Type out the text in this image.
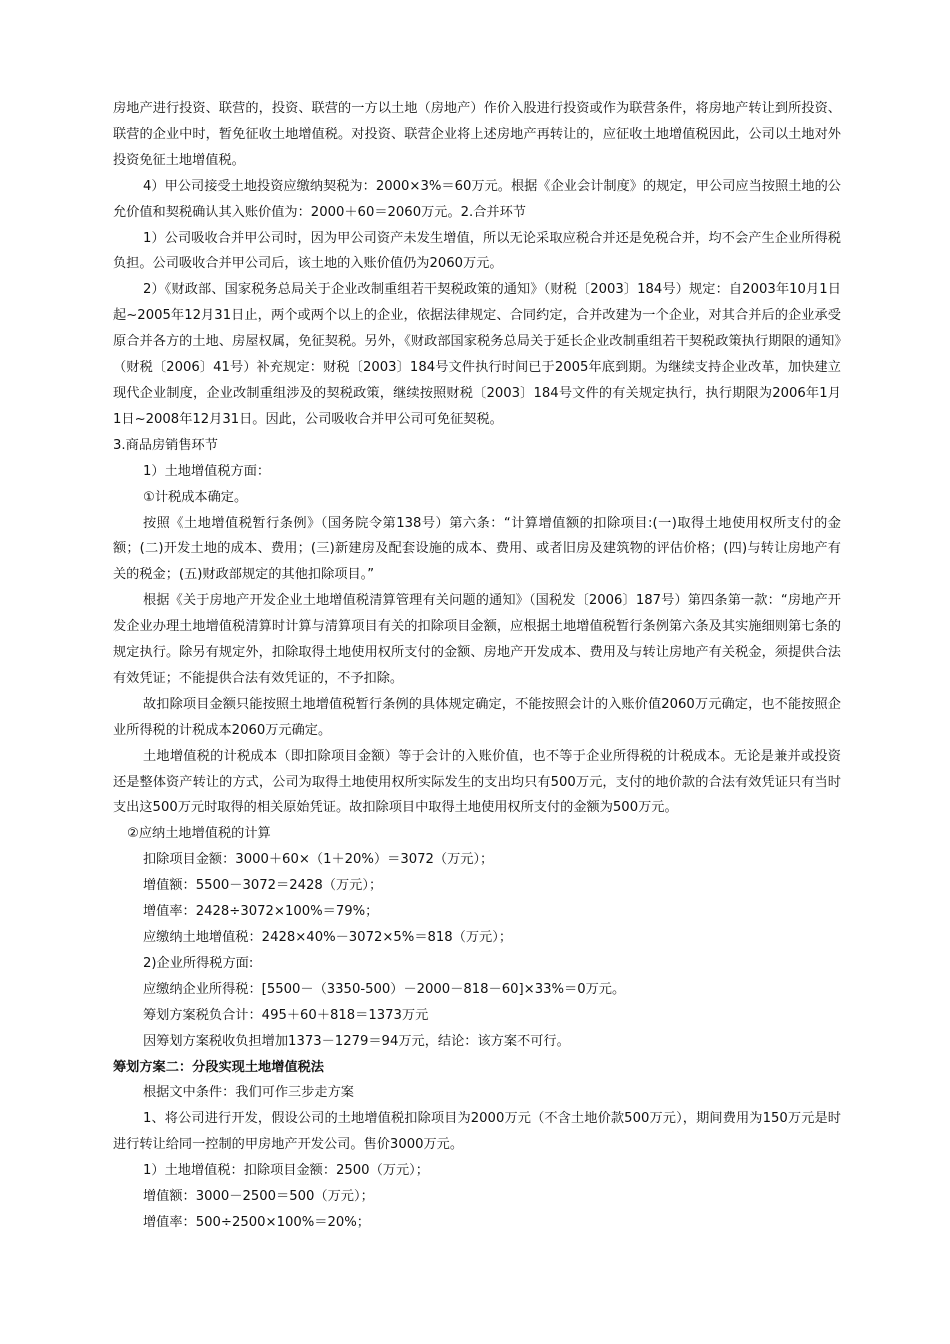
房地产进行投资、联营的，投资、联营的一方以土地（房地产）作价入股进行投资或作为联营条件，将房地产转让到所投资、联营的企业中时，暂免征收土地增值税。对投资、联营企业将上述房地产再转让的，应征收土地增值税因此，公司以土地对外投资免征土地增值税。

4）甲公司接受土地投资应缴纳契税为：2000×3%＝60万元。根据《企业会计制度》的规定，甲公司应当按照土地的公允价值和契税确认其入账价值为：2000＋60＝2060万元。2.合并环节

1）公司吸收合并甲公司时，因为甲公司资产未发生增值，所以无论采取应税合并还是免税合并，均不会产生企业所得税负担。公司吸收合并甲公司后，该土地的入账价值仍为2060万元。

2）《财政部、国家税务总局关于企业改制重组若干契税政策的通知》（财税〔2003〕184号）规定：自2003年10月1日起~2005年12月31日止，两个或两个以上的企业，依据法律规定、合同约定，合并改建为一个企业，对其合并后的企业承受原合并各方的土地、房屋权属，免征契税。另外，《财政部国家税务总局关于延长企业改制重组若干契税政策执行期限的通知》（财税〔2006〕41号）补充规定：财税〔2003〕184号文件执行时间已于2005年底到期。为继续支持企业改革，加快建立现代企业制度，企业改制重组涉及的契税政策，继续按照财税〔2003〕184号文件的有关规定执行，执行期限为2006年1月1日~2008年12月31日。因此，公司吸收合并甲公司可免征契税。

3.商品房销售环节

1）土地增值税方面：

①计税成本确定。

按照《土地增值税暂行条例》（国务院令第138号）第六条：“计算增值额的扣除项目:(一)取得土地使用权所支付的金额；(二)开发土地的成本、费用；(三)新建房及配套设施的成本、费用、或者旧房及建筑物的评估价格；(四)与转让房地产有关的税金；(五)财政部规定的其他扣除项目。”

根据《关于房地产开发企业土地增值税清算管理有关问题的通知》（国税发〔2006〕187号）第四条第一款：“房地产开发企业办理土地增值税清算时计算与清算项目有关的扣除项目金额，应根据土地增值税暂行条例第六条及其实施细则第七条的规定执行。除另有规定外，扣除取得土地使用权所支付的金额、房地产开发成本、费用及与转让房地产有关税金，须提供合法有效凭证；不能提供合法有效凭证的，不予扣除。

故扣除项目金额只能按照土地增值税暂行条例的具体规定确定，不能按照会计的入账价值2060万元确定，也不能按照企业所得税的计税成本2060万元确定。

土地增值税的计税成本（即扣除项目金额）等于会计的入账价值，也不等于企业所得税的计税成本。无论是兼并或投资还是整体资产转让的方式，公司为取得土地使用权所实际发生的支出均只有500万元，支付的地价款的合法有效凭证只有当时支出这500万元时取得的相关原始凭证。故扣除项目中取得土地使用权所支付的金额为500万元。

②应纳土地增值税的计算

扣除项目金额：3000＋60×（1＋20%）＝3072（万元）；

增值额：5500－3072＝2428（万元）；

增值率：2428÷3072×100%＝79%；

应缴纳土地增值税：2428×40%－3072×5%＝818（万元）；

2)企业所得税方面:

应缴纳企业所得税：[5500－（3350-500）－2000－818－60]×33%＝0万元。

筹划方案税负合计：495＋60＋818＝1373万元

因筹划方案税收负担增加1373－1279＝94万元，结论：该方案不可行。

筹划方案二：分段实现土地增值税法

根据文中条件：我们可作三步走方案

1、将公司进行开发，假设公司的土地增值税扣除项目为2000万元（不含土地价款500万元），期间费用为150万元是时进行转让给同一控制的甲房地产开发公司。售价3000万元。

1）土地增值税：扣除项目金额：2500（万元）；

增值额：3000－2500＝500（万元）；

增值率：500÷2500×100%＝20%；
